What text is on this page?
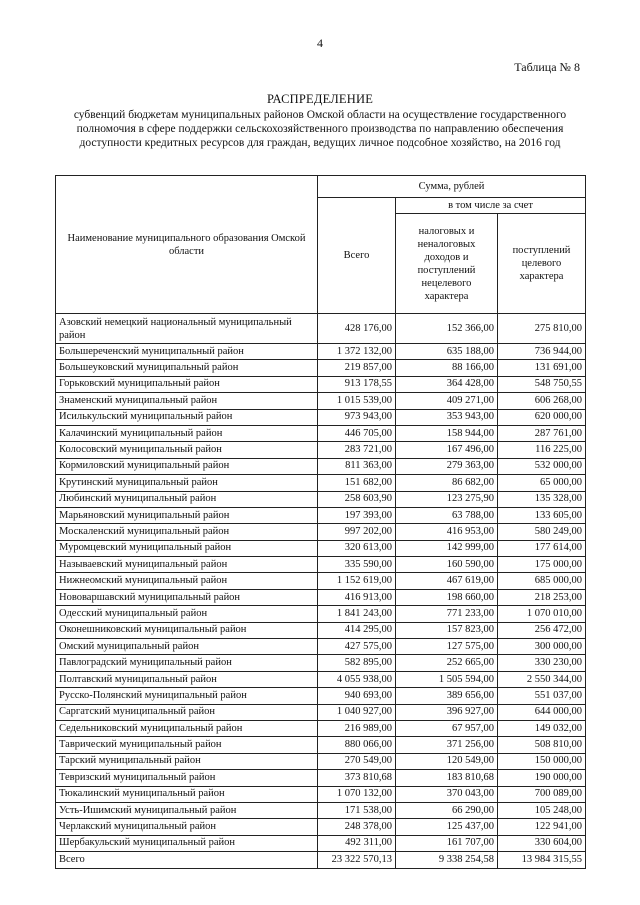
4
Таблица № 8
РАСПРЕДЕЛЕНИЕ
субвенций бюджетам муниципальных районов Омской области на осуществление государственного полномочия в сфере поддержки сельскохозяйственного производства по направлению обеспечения доступности кредитных ресурсов для граждан, ведущих личное подсобное хозяйство, на 2016 год
Наименование муниципального образования Омской области	Сумма, рублей		
	Всего	в том числе за счет	
		налоговых и неналоговых доходов и поступлений нецелевого характера	поступлений целевого характера
Азовский немецкий национальный муниципальный район	428 176,00	152 366,00	275 810,00
Большереченский муниципальный район	1 372 132,00	635 188,00	736 944,00
Большеуковский муниципальный район	219 857,00	88 166,00	131 691,00
Горьковский муниципальный район	913 178,55	364 428,00	548 750,55
Знаменский муниципальный район	1 015 539,00	409 271,00	606 268,00
Исилькульский муниципальный район	973 943,00	353 943,00	620 000,00
Калачинский муниципальный район	446 705,00	158 944,00	287 761,00
Колосовский муниципальный район	283 721,00	167 496,00	116 225,00
Кормиловский муниципальный район	811 363,00	279 363,00	532 000,00
Крутинский муниципальный район	151 682,00	86 682,00	65 000,00
Любинский муниципальный район	258 603,90	123 275,90	135 328,00
Марьяновский муниципальный район	197 393,00	63 788,00	133 605,00
Москаленский муниципальный район	997 202,00	416 953,00	580 249,00
Муромцевский муниципальный район	320 613,00	142 999,00	177 614,00
Называевский муниципальный район	335 590,00	160 590,00	175 000,00
Нижнеомский муниципальный район	1 152 619,00	467 619,00	685 000,00
Нововаршавский муниципальный район	416 913,00	198 660,00	218 253,00
Одесский муниципальный район	1 841 243,00	771 233,00	1 070 010,00
Оконешниковский муниципальный район	414 295,00	157 823,00	256 472,00
Омский муниципальный район	427 575,00	127 575,00	300 000,00
Павлоградский муниципальный район	582 895,00	252 665,00	330 230,00
Полтавский муниципальный район	4 055 938,00	1 505 594,00	2 550 344,00
Русско-Полянский муниципальный район	940 693,00	389 656,00	551 037,00
Саргатский муниципальный район	1 040 927,00	396 927,00	644 000,00
Седельниковский муниципальный район	216 989,00	67 957,00	149 032,00
Таврический муниципальный район	880 066,00	371 256,00	508 810,00
Тарский муниципальный район	270 549,00	120 549,00	150 000,00
Тевризский муниципальный район	373 810,68	183 810,68	190 000,00
Тюкалинский муниципальный район	1 070 132,00	370 043,00	700 089,00
Усть-Ишимский муниципальный район	171 538,00	66 290,00	105 248,00
Черлакский муниципальный район	248 378,00	125 437,00	122 941,00
Шербакульский муниципальный район	492 311,00	161 707,00	330 604,00
Всего	23 322 570,13	9 338 254,58	13 984 315,55
